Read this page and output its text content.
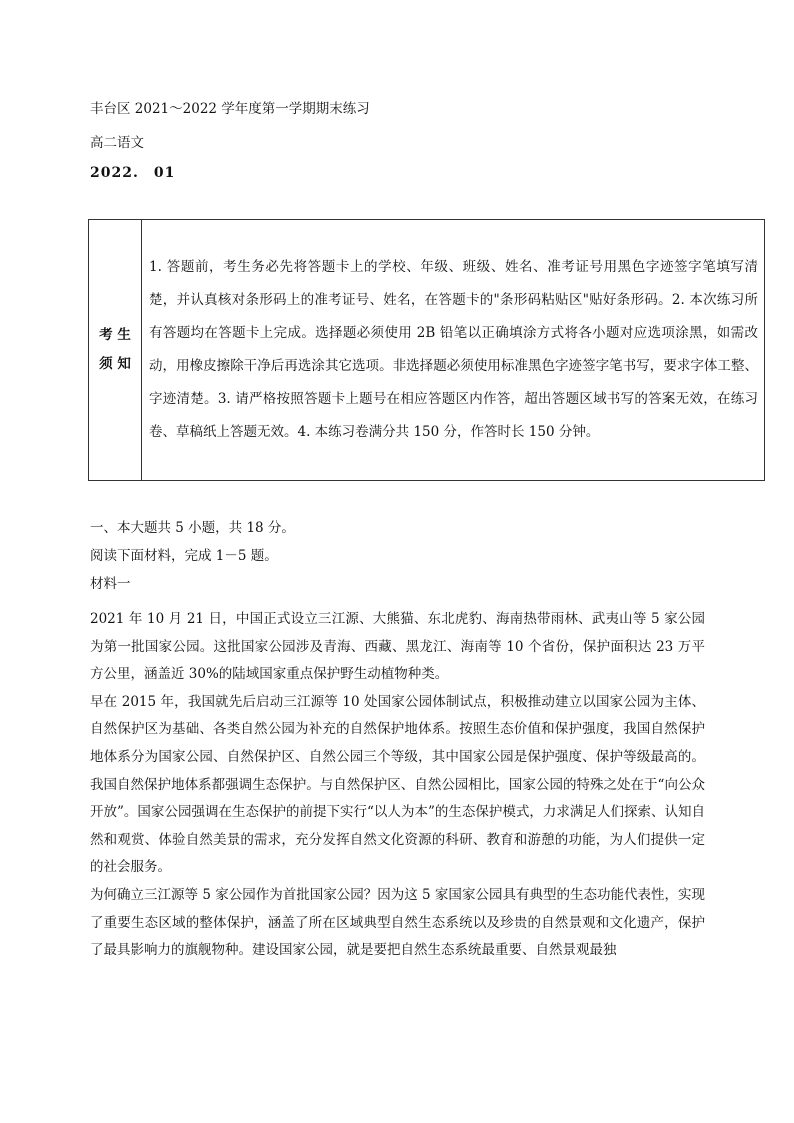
丰台区 2021～2022 学年度第一学期期末练习
高二语文
2022.　01
考 生
须 知
	1. 答题前，考生务必先将答题卡上的学校、年级、班级、姓名、准考证号用黑色字迹签字笔填写清楚，并认真核对条形码上的准考证号、姓名，在答题卡的"条形码粘贴区"贴好条形码。2. 本次练习所有答题均在答题卡上完成。选择题必须使用 2B 铅笔以正确填涂方式将各小题对应选项涂黑，如需改动，用橡皮擦除干净后再选涂其它选项。非选择题必须使用标准黑色字迹签字笔书写，要求字体工整、字迹清楚。3. 请严格按照答题卡上题号在相应答题区内作答，超出答题区域书写的答案无效，在练习卷、草稿纸上答题无效。4. 本练习卷满分共 150 分，作答时长 150 分钟。
一、本大题共 5 小题，共 18 分。
阅读下面材料，完成 1－5 题。
材料一

2021 年 10 月 21 日，中国正式设立三江源、大熊猫、东北虎豹、海南热带雨林、武夷山等 5 家公园为第一批国家公园。这批国家公园涉及青海、西藏、黑龙江、海南等 10 个省份，保护面积达 23 万平方公里，涵盖近 30%的陆域国家重点保护野生动植物种类。

早在 2015 年，我国就先后启动三江源等 10 处国家公园体制试点，积极推动建立以国家公园为主体、自然保护区为基础、各类自然公园为补充的自然保护地体系。按照生态价值和保护强度，我国自然保护地体系分为国家公园、自然保护区、自然公园三个等级，其中国家公园是保护强度、保护等级最高的。我国自然保护地体系都强调生态保护。与自然保护区、自然公园相比，国家公园的特殊之处在于“向公众开放”。国家公园强调在生态保护的前提下实行“以人为本”的生态保护模式，力求满足人们探索、认知自然和观赏、体验自然美景的需求，充分发挥自然文化资源的科研、教育和游憩的功能，为人们提供一定的社会服务。

为何确立三江源等 5 家公园作为首批国家公园？因为这 5 家国家公园具有典型的生态功能代表性，实现了重要生态区域的整体保护，涵盖了所在区域典型自然生态系统以及珍贵的自然景观和文化遗产，保护了最具影响力的旗舰物种。建设国家公园，就是要把自然生态系统最重要、自然景观最独
